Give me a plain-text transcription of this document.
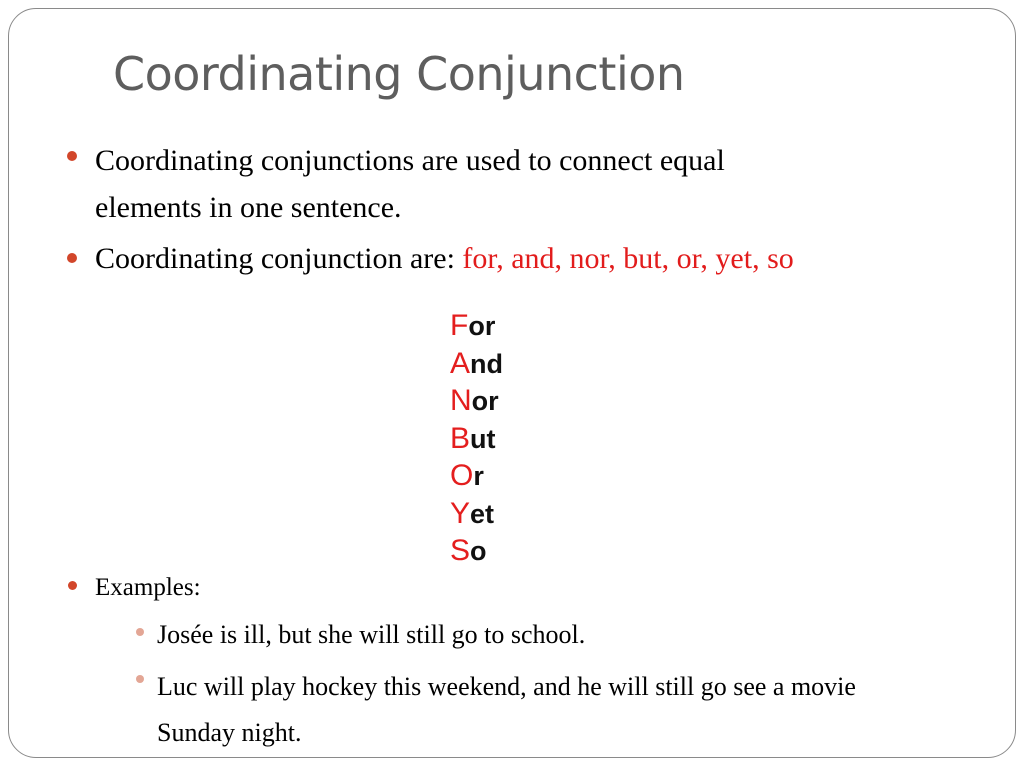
Coordinating Conjunction
Coordinating conjunctions are used to connect equal
elements in one sentence.
Coordinating conjunction are: for, and, nor, but, or, yet, so
For
And
Nor
But
Or
Yet
So
Examples:
Josée is ill, but she will still go to school.
Luc will play hockey this weekend, and he will still go see a movie
Sunday night.
